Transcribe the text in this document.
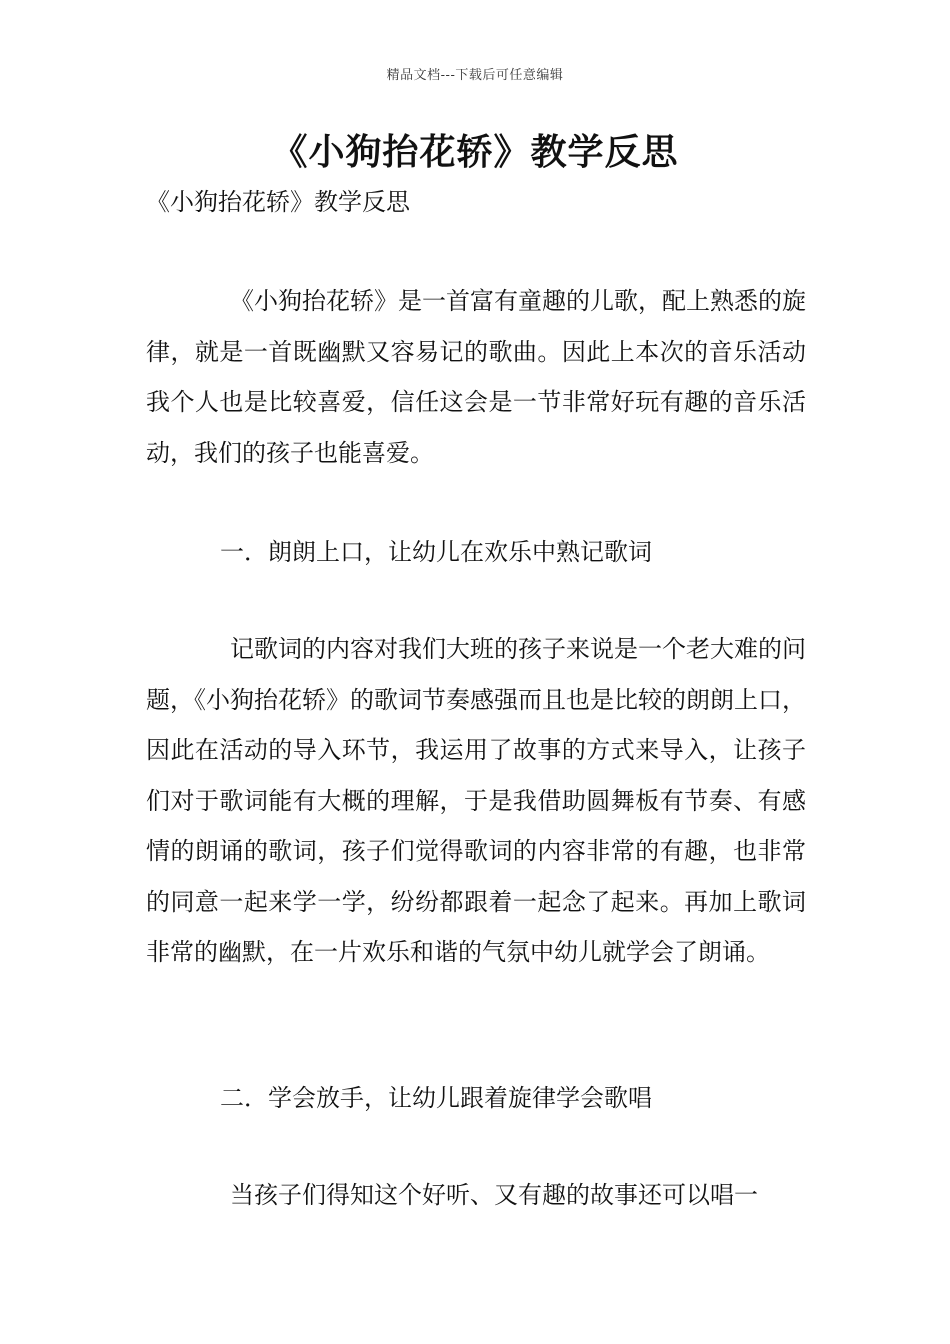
精品文档---下载后可任意编辑
《小狗抬花轿》教学反思

《小狗抬花轿》教学反思

《小狗抬花轿》是一首富有童趣的儿歌，配上熟悉的旋律，就是一首既幽默又容易记的歌曲。因此上本次的音乐活动我个人也是比较喜爱，信任这会是一节非常好玩有趣的音乐活动，我们的孩子也能喜爱。

一．朗朗上口，让幼儿在欢乐中熟记歌词

记歌词的内容对我们大班的孩子来说是一个老大难的问题，《小狗抬花轿》的歌词节奏感强而且也是比较的朗朗上口，因此在活动的导入环节，我运用了故事的方式来导入，让孩子们对于歌词能有大概的理解，于是我借助圆舞板有节奏、有感情的朗诵的歌词，孩子们觉得歌词的内容非常的有趣，也非常的同意一起来学一学，纷纷都跟着一起念了起来。再加上歌词非常的幽默，在一片欢乐和谐的气氛中幼儿就学会了朗诵。

二．学会放手，让幼儿跟着旋律学会歌唱

当孩子们得知这个好听、又有趣的故事还可以唱一
